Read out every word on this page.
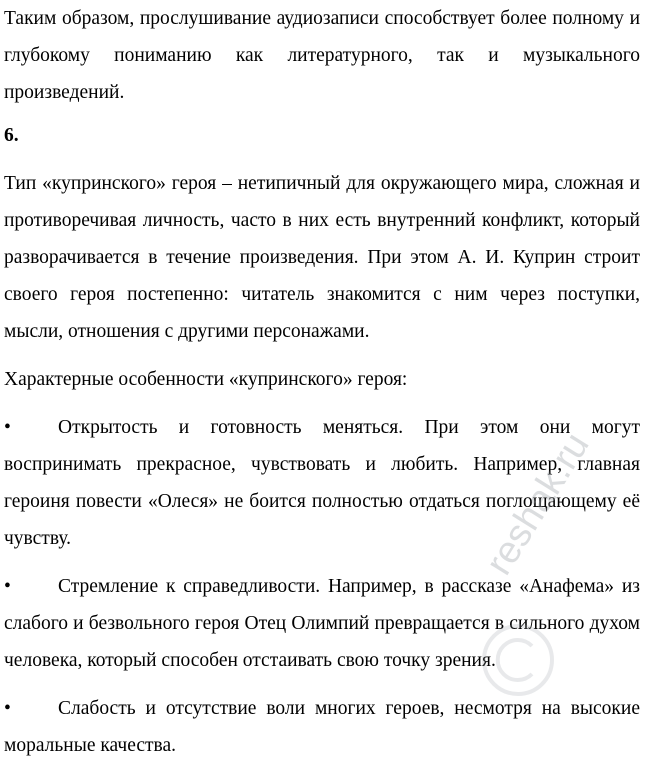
Таким образом, прослушивание аудиозаписи способствует более полному и глубокому пониманию как литературного, так и музыкального произведений.

6.

Тип «купринского» героя – нетипичный для окружающего мира, сложная и противоречивая личность, часто в них есть внутренний конфликт, который разворачивается в течение произведения. При этом А. И. Куприн строит своего героя постепенно: читатель знакомится с ним через поступки, мысли, отношения с другими персонажами.

Характерные особенности «купринского» героя:

• Открытость и готовность меняться. При этом они могут воспринимать прекрасное, чувствовать и любить. Например, главная героиня повести «Олеся» не боится полностью отдаться поглощающему её чувству.

• Стремление к справедливости. Например, в рассказе «Анафема» из слабого и безвольного героя Отец Олимпий превращается в сильного духом человека, который способен отстаивать свою точку зрения.

• Слабость и отсутствие воли многих героев, несмотря на высокие моральные качества.

reshak.ru
